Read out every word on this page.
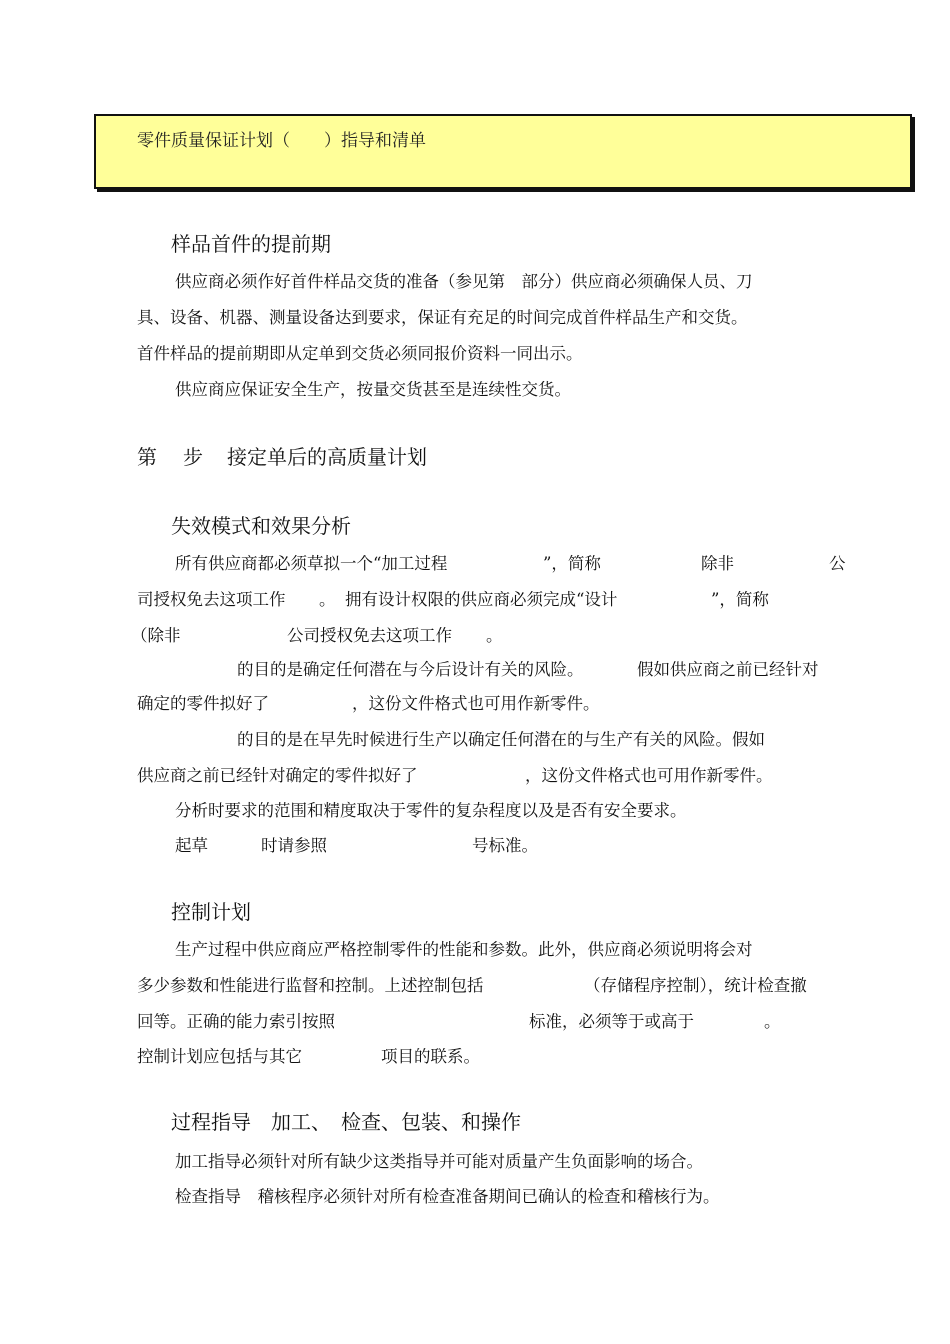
零件质量保证计划（　　）指导和清单
样品首件的提前期
供应商必须作好首件样品交货的准备（参见第　部分）供应商必须确保人员、刀
具、设备、机器、测量设备达到要求，保证有充足的时间完成首件样品生产和交货。
首件样品的提前期即从定单到交货必须同报价资料一同出示。
供应商应保证安全生产，按量交货甚至是连续性交货。
第 步 接定单后的高质量计划
失效模式和效果分析
所有供应商都必须草拟一个“加工过程	”，简称	除非	公
司授权免去这项工作 。 拥有设计权限的供应商必须完成“设计	”，简称
（除非	公司授权免去这项工作 。
的目的是确定任何潜在与今后设计有关的风险。	假如供应商之前已经针对
确定的零件拟好了	，这份文件格式也可用作新零件。
的目的是在早先时候进行生产以确定任何潜在的与生产有关的风险。假如
供应商之前已经针对确定的零件拟好了	，这份文件格式也可用作新零件。
分析时要求的范围和精度取决于零件的复杂程度以及是否有安全要求。
起草	时请参照	号标准。
控制计划
生产过程中供应商应严格控制零件的性能和参数。此外，供应商必须说明将会对
多少参数和性能进行监督和控制。上述控制包括	（存储程序控制），统计检查撤
回等。正确的能力索引按照	标准，必须等于或高于	。
控制计划应包括与其它	项目的联系。
过程指导　加工、　检查、包装、和操作
加工指导必须针对所有缺少这类指导并可能对质量产生负面影响的场合。
检查指导　稽核程序必须针对所有检查准备期间已确认的检查和稽核行为。
